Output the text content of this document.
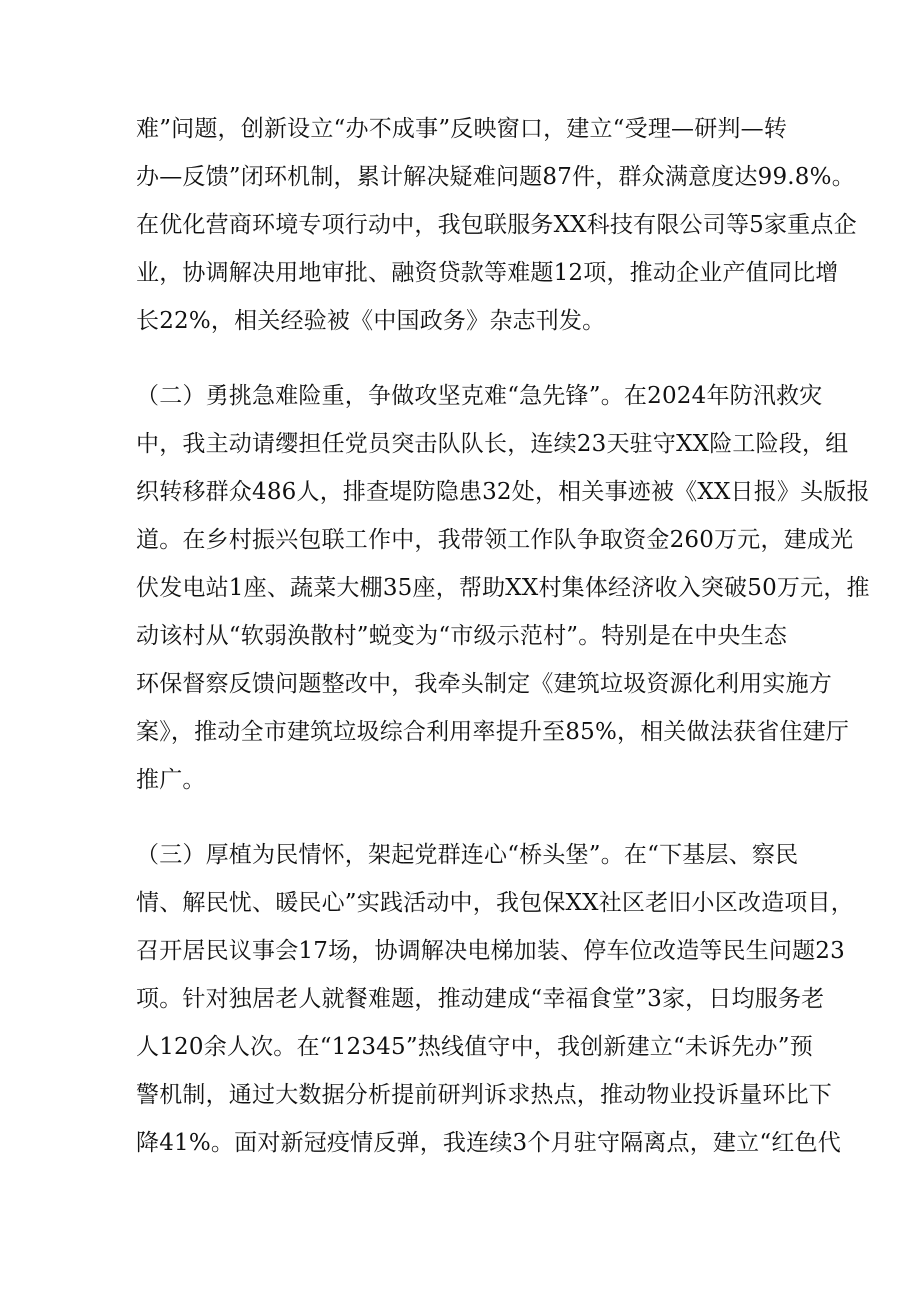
难”问题，创新设立“办不成事”反映窗口，建立“受理—研判—转
办—反馈”闭环机制，累计解决疑难问题87件，群众满意度达99.8%。
在优化营商环境专项行动中，我包联服务XX科技有限公司等5家重点企
业，协调解决用地审批、融资贷款等难题12项，推动企业产值同比增
长22%，相关经验被《中国政务》杂志刊发。
（二）勇挑急难险重，争做攻坚克难“急先锋”。在2024年防汛救灾
中，我主动请缨担任党员突击队队长，连续23天驻守XX险工险段，组
织转移群众486人，排查堤防隐患32处，相关事迹被《XX日报》头版报
道。在乡村振兴包联工作中，我带领工作队争取资金260万元，建成光
伏发电站1座、蔬菜大棚35座，帮助XX村集体经济收入突破50万元，推
动该村从“软弱涣散村”蜕变为“市级示范村”。特别是在中央生态
环保督察反馈问题整改中，我牵头制定《建筑垃圾资源化利用实施方
案》，推动全市建筑垃圾综合利用率提升至85%，相关做法获省住建厅
推广。
（三）厚植为民情怀，架起党群连心“桥头堡”。在“下基层、察民
情、解民忧、暖民心”实践活动中，我包保XX社区老旧小区改造项目，
召开居民议事会17场，协调解决电梯加装、停车位改造等民生问题23
项。针对独居老人就餐难题，推动建成“幸福食堂”3家，日均服务老
人120余人次。在“12345”热线值守中，我创新建立“未诉先办”预
警机制，通过大数据分析提前研判诉求热点，推动物业投诉量环比下
降41%。面对新冠疫情反弹，我连续3个月驻守隔离点，建立“红色代
